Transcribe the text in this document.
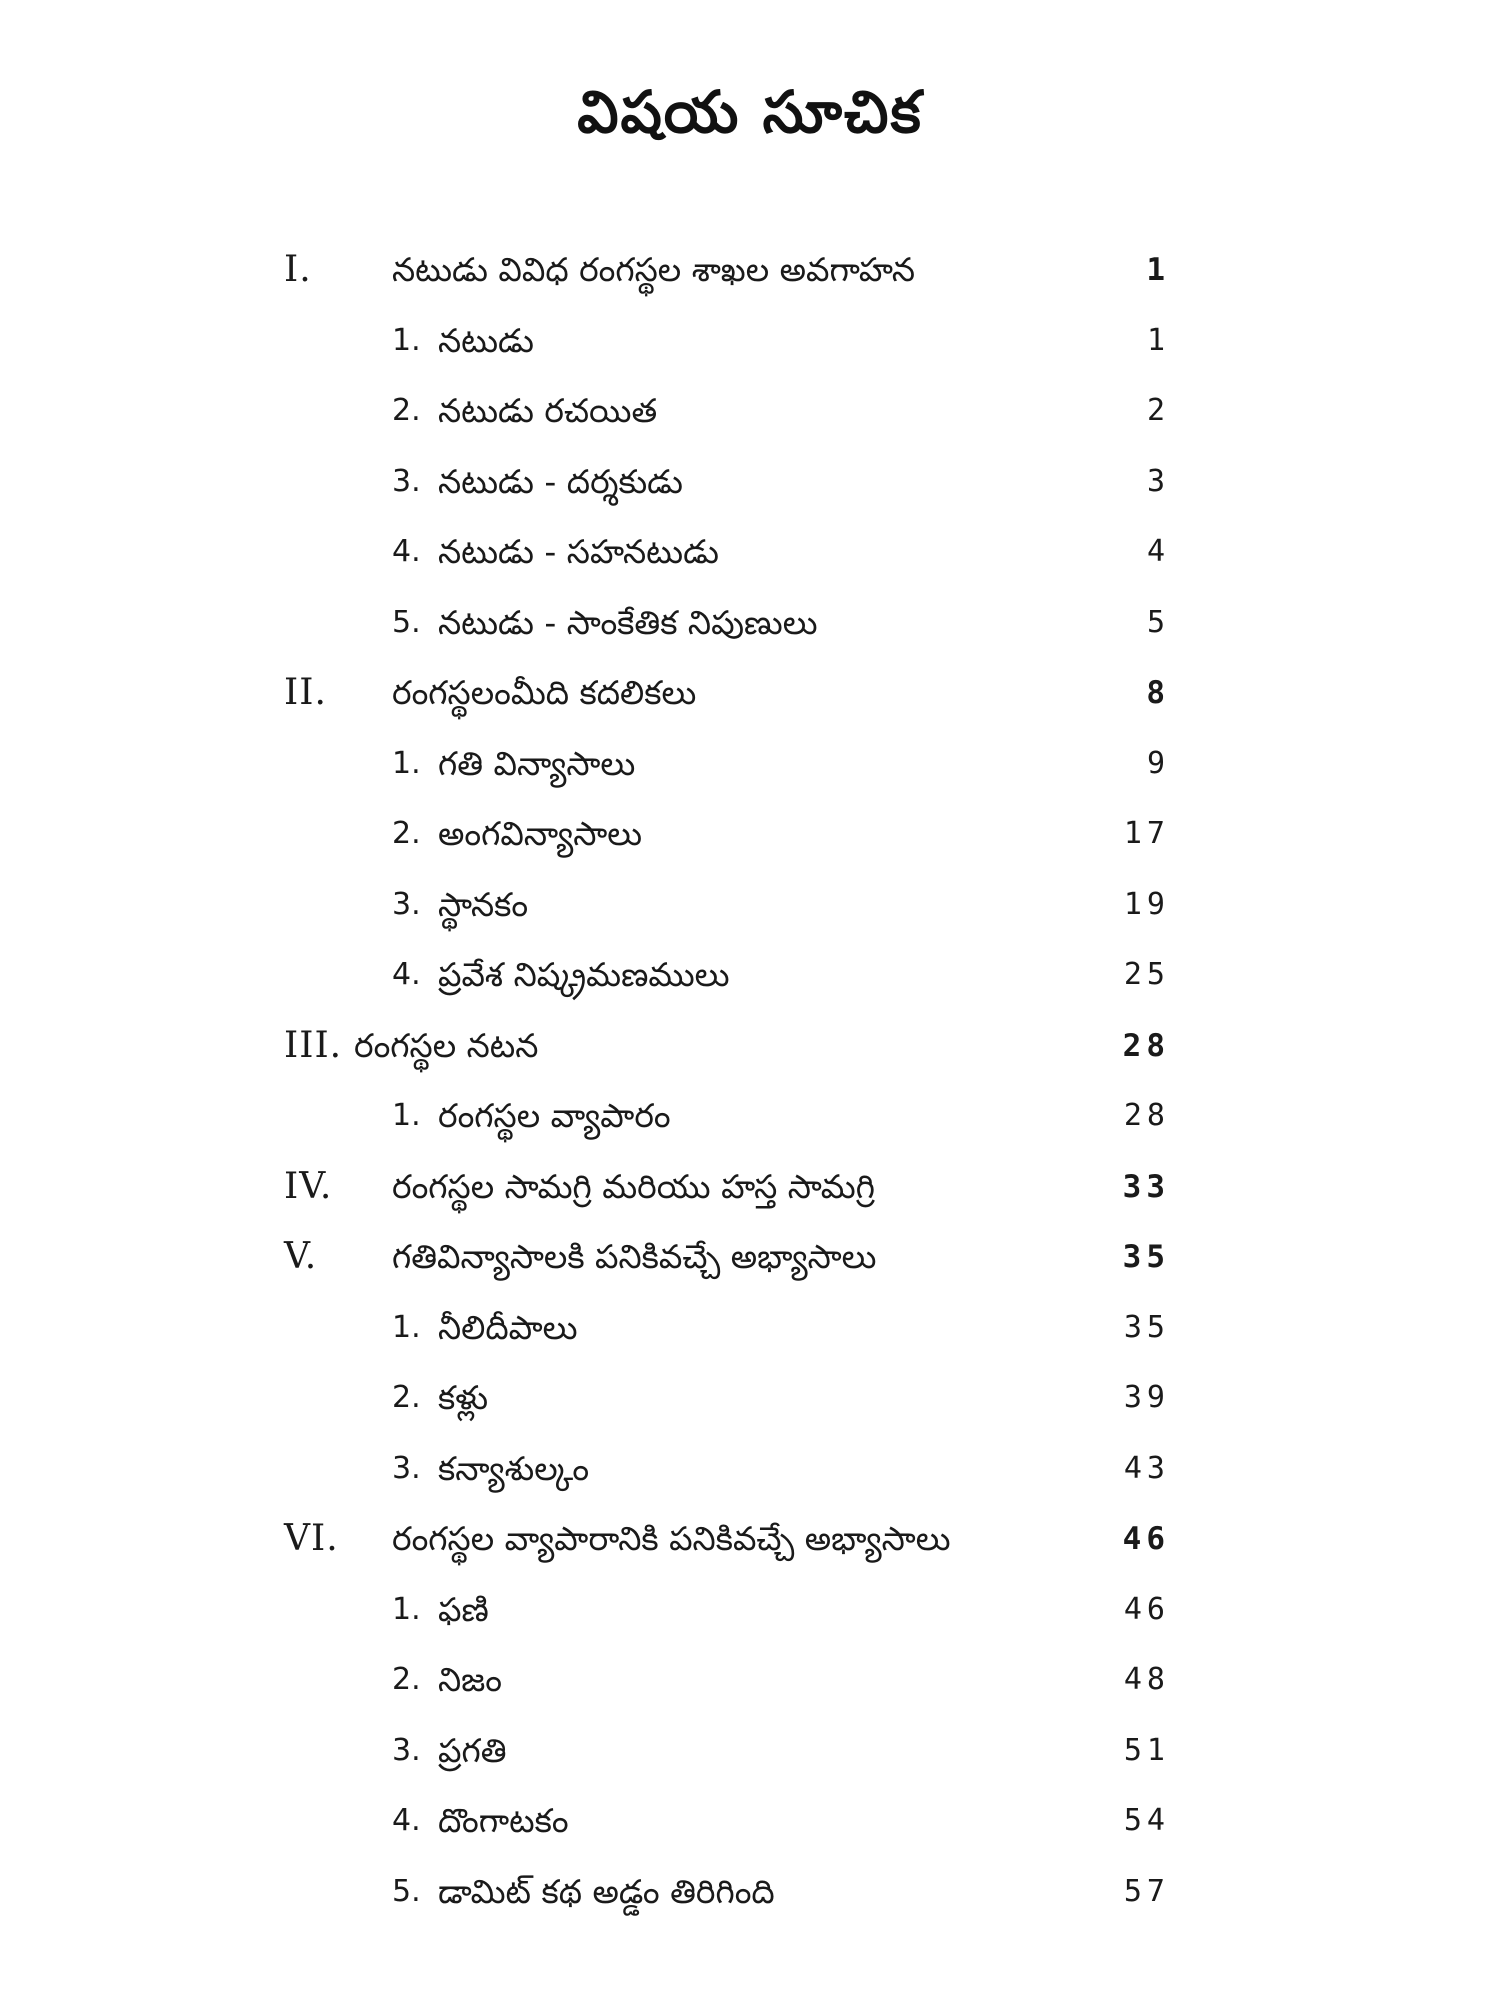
విషయ సూచిక
I. నటుడు వివిధ రంగస్థల శాఖల అవగాహన	1
1. నటుడు	1
2. నటుడు రచయిత	2
3. నటుడు - దర్శకుడు	3
4. నటుడు - సహనటుడు	4
5. నటుడు - సాంకేతిక నిపుణులు	5
II. రంగస్థలంమీది కదలికలు	8
1. గతి విన్యాసాలు	9
2. అంగవిన్యాసాలు	17
3. స్థానకం	19
4. ప్రవేశ నిష్క్రమణములు	25
III. రంగస్థల నటన	28
1. రంగస్థల వ్యాపారం	28
IV. రంగస్థల సామగ్రి మరియు హస్త సామగ్రి	33
V. గతివిన్యాసాలకి పనికివచ్చే అభ్యాసాలు	35
1. నీలిదీపాలు	35
2. కళ్లు	39
3. కన్యాశుల్కం	43
VI. రంగస్థల వ్యాపారానికి పనికివచ్చే అభ్యాసాలు	46
1. ఫణి	46
2. నిజం	48
3. ప్రగతి	51
4. దొంగాటకం	54
5. డామిట్ కథ అడ్డం తిరిగింది	57
